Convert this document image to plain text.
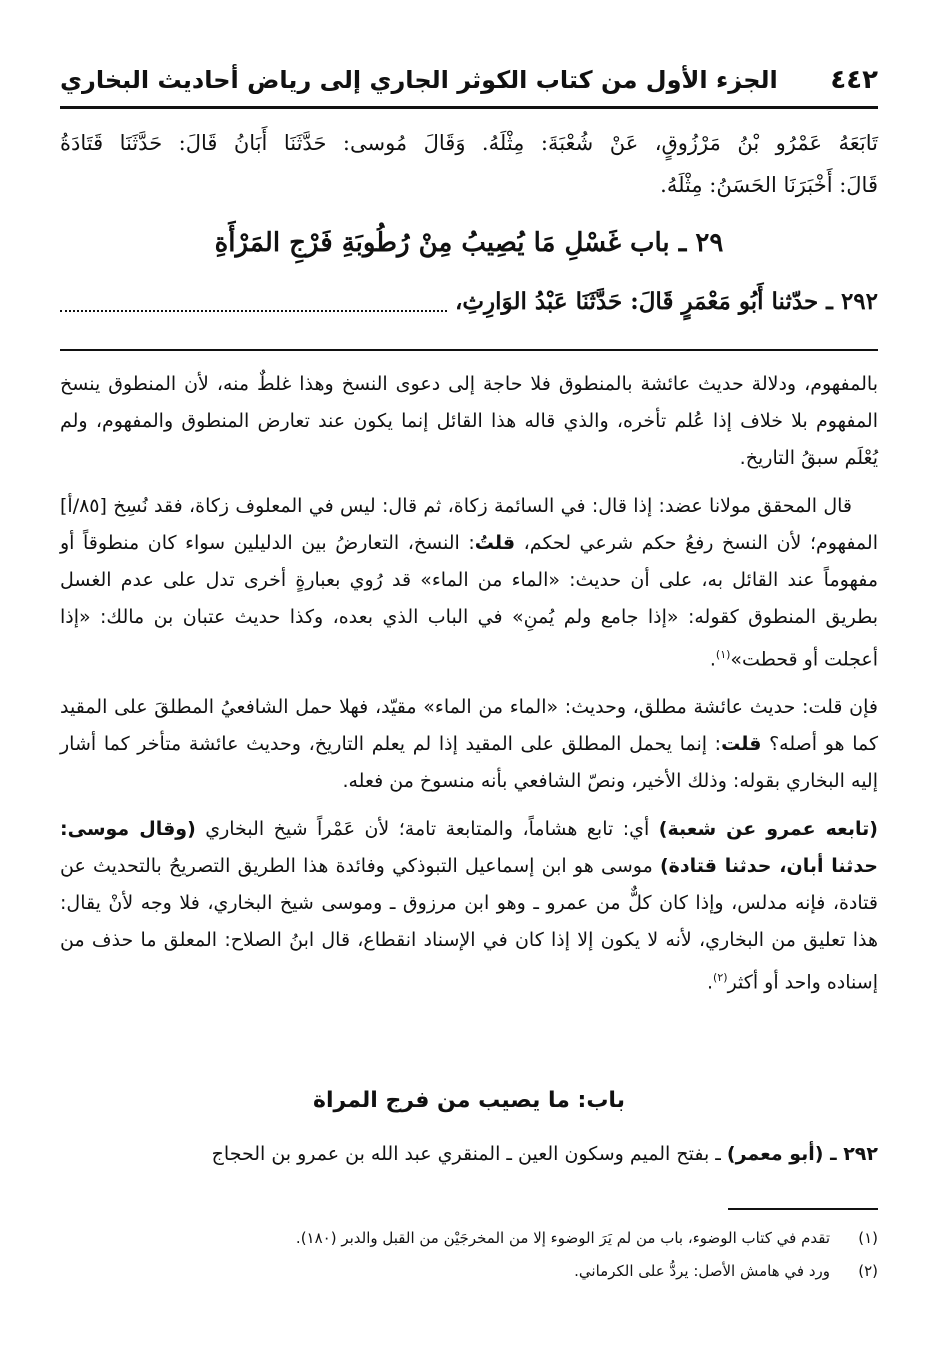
٤٤٢
الجزء الأول من كتاب الكوثر الجاري إلى رياض أحاديث البخاري
تَابَعَهُ عَمْرُو بْنُ مَرْزُوقٍ، عَنْ شُعْبَةَ: مِثْلَهُ. وَقَالَ مُوسى: حَدَّثَنَا أَبَانُ قَالَ: حَدَّثَنَا قَتَادَةُ
قَالَ: أَخْبَرَنَا الحَسَنُ: مِثْلَهُ.
٢٩ ـ باب غَسْلِ مَا يُصِيبُ مِنْ رُطُوبَةِ فَرْجِ المَرْأَةِ
٢٩٢ ـ حدّثنا أَبُو مَعْمَرٍ قَالَ: حَدَّثَنَا عَبْدُ الوَارِثِ،

بالمفهوم، ودلالة حديث عائشة بالمنطوق فلا حاجة إلى دعوى النسخ وهذا غلطٌ منه، لأن المنطوق ينسخ المفهوم بلا خلاف إذا عُلم تأخره، والذي قاله هذا القائل إنما يكون عند تعارض المنطوق والمفهوم، ولم يُعْلَم سبقُ التاريخ.

قال المحقق مولانا عضد: إذا قال: في السائمة زكاة، ثم قال: ليس في المعلوف زكاة، فقد نُسِخ [٨٥/أ] المفهوم؛ لأن النسخ رفعُ حكم شرعي لحكم، قلتُ: النسخ، التعارضُ بين الدليلين سواء كان منطوقاً أو مفهوماً عند القائل به، على أن حديث: «الماء من الماء» قد رُوي بعبارةٍ أخرى تدل على عدم الغسل بطريق المنطوق كقوله: «إذا جامع ولم يُمنِ» في الباب الذي بعده، وكذا حديث عتبان بن مالك: «إذا أعجلت أو قحطت»$^{(١)}$.

فإن قلت: حديث عائشة مطلق، وحديث: «الماء من الماء» مقيّد، فهلا حمل الشافعيُ المطلقَ على المقيد كما هو أصله؟ قلت: إنما يحمل المطلق على المقيد إذا لم يعلم التاريخ، وحديث عائشة متأخر كما أشار إليه البخاري بقوله: وذلك الأخير، ونصّ الشافعي بأنه منسوخ من فعله.

(تابعه عمرو عن شعبة) أي: تابع هشاماً، والمتابعة تامة؛ لأن عَمْراً شيخ البخاري (وقال موسى: حدثنا أبان، حدثنا قتادة) موسى هو ابن إسماعيل التبوذكي وفائدة هذا الطريق التصريحُ بالتحديث عن قتادة، فإنه مدلس، وإذا كان كلٌّ من عمرو ـ وهو ابن مرزوق ـ وموسى شيخ البخاري، فلا وجه لأنْ يقال: هذا تعليق من البخاري، لأنه لا يكون إلا إذا كان في الإسناد انقطاع، قال ابنُ الصلاح: المعلق ما حذف من إسناده واحد أو أكثر$^{(٢)}$.

باب: ما يصيب من فرج المراة
٢٩٢ ـ (أبو معمر) ـ بفتح الميم وسكون العين ـ المنقري عبد الله بن عمرو بن الحجاج
(١)
تقدم في كتاب الوضوء، باب من لم يَرَ الوضوء إلا من المخرجَيْن من القبل والدبر (١٨٠).
(٢)
ورد في هامش الأصل: يردُّ على الكرماني.
